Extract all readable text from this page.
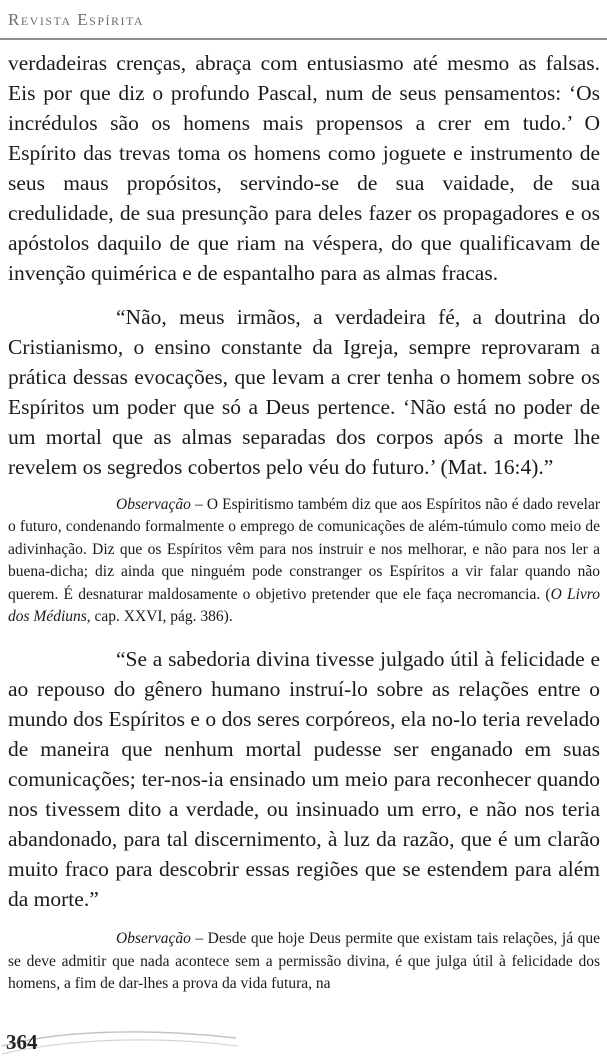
Revista Espírita

verdadeiras crenças, abraça com entusiasmo até mesmo as falsas. Eis por que diz o profundo Pascal, num de seus pensamentos: ‘Os incrédulos são os homens mais propensos a crer em tudo.’ O Espírito das trevas toma os homens como joguete e instrumento de seus maus propósitos, servindo-se de sua vaidade, de sua credulidade, de sua presunção para deles fazer os propagadores e os apóstolos daquilo de que riam na véspera, do que qualificavam de invenção quimérica e de espantalho para as almas fracas.

“Não, meus irmãos, a verdadeira fé, a doutrina do Cristianismo, o ensino constante da Igreja, sempre reprovaram a prática dessas evocações, que levam a crer tenha o homem sobre os Espíritos um poder que só a Deus pertence. ‘Não está no poder de um mortal que as almas separadas dos corpos após a morte lhe revelem os segredos cobertos pelo véu do futuro.’ (Mat. 16:4).”

Observação – O Espiritismo também diz que aos Espíritos não é dado revelar o futuro, condenando formalmente o emprego de comunicações de além-túmulo como meio de adivinhação. Diz que os Espíritos vêm para nos instruir e nos melhorar, e não para nos ler a buena-dicha; diz ainda que ninguém pode constranger os Espíritos a vir falar quando não querem. É desnaturar maldosamente o objetivo pretender que ele faça necromancia. (O Livro dos Médiuns, cap. XXVI, pág. 386).

“Se a sabedoria divina tivesse julgado útil à felicidade e ao repouso do gênero humano instruí-lo sobre as relações entre o mundo dos Espíritos e o dos seres corpóreos, ela no-lo teria revelado de maneira que nenhum mortal pudesse ser enganado em suas comunicações; ter-nos-ia ensinado um meio para reconhecer quando nos tivessem dito a verdade, ou insinuado um erro, e não nos teria abandonado, para tal discernimento, à luz da razão, que é um clarão muito fraco para descobrir essas regiões que se estendem para além da morte.”

Observação – Desde que hoje Deus permite que existam tais relações, já que se deve admitir que nada acontece sem a permissão divina, é que julga útil à felicidade dos homens, a fim de dar-lhes a prova da vida futura, na

364
